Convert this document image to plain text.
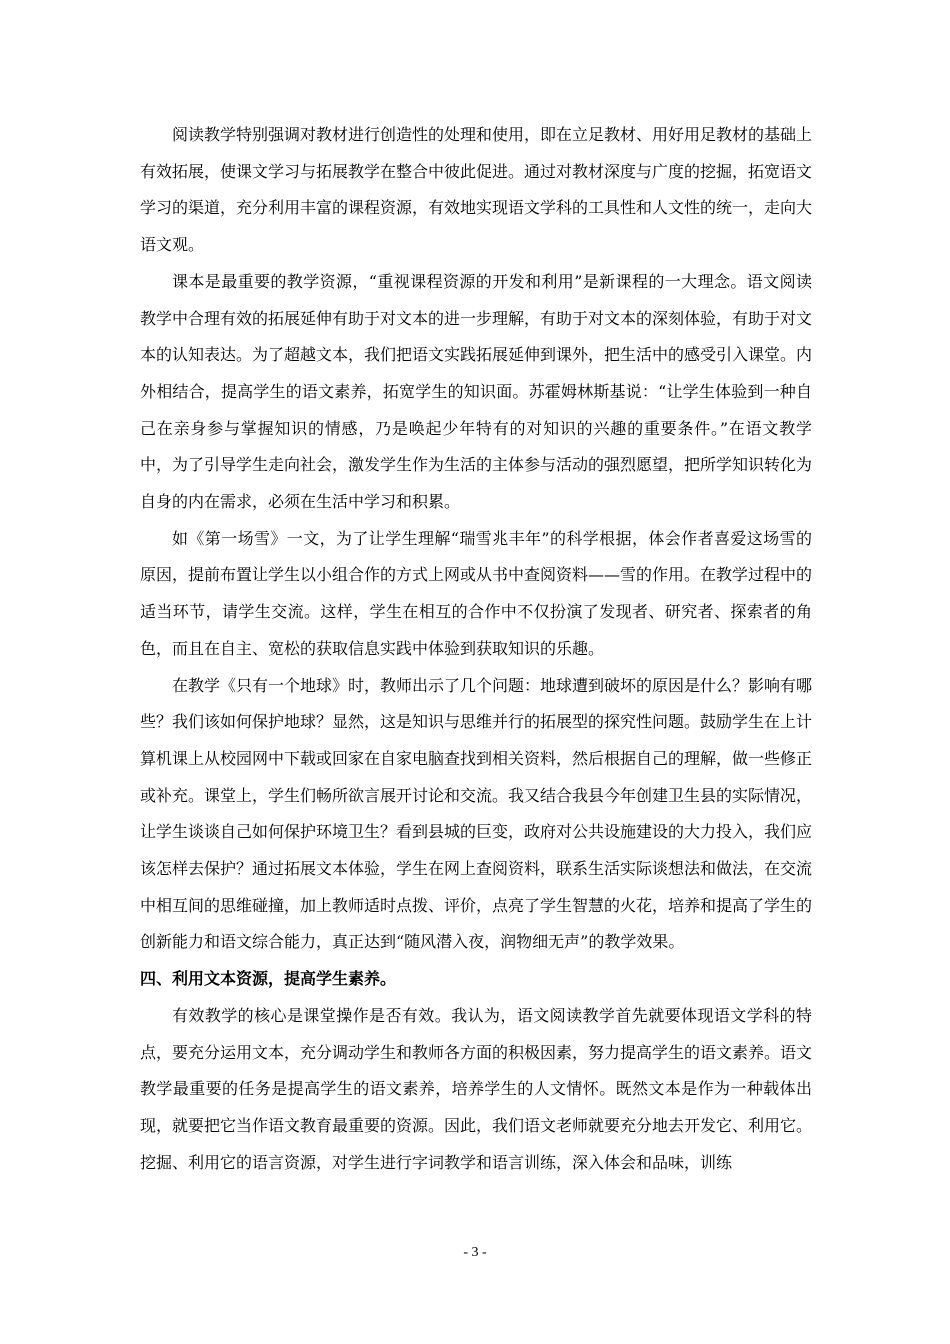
阅读教学特别强调对教材进行创造性的处理和使用，即在立足教材、用好用足教材的基础上有效拓展，使课文学习与拓展教学在整合中彼此促进。通过对教材深度与广度的挖掘，拓宽语文学习的渠道，充分利用丰富的课程资源，有效地实现语文学科的工具性和人文性的统一，走向大语文观。

课本是最重要的教学资源，“重视课程资源的开发和利用”是新课程的一大理念。语文阅读教学中合理有效的拓展延伸有助于对文本的进一步理解，有助于对文本的深刻体验，有助于对文本的认知表达。为了超越文本，我们把语文实践拓展延伸到课外，把生活中的感受引入课堂。内外相结合，提高学生的语文素养，拓宽学生的知识面。苏霍姆林斯基说：“让学生体验到一种自己在亲身参与掌握知识的情感，乃是唤起少年特有的对知识的兴趣的重要条件。”在语文教学中，为了引导学生走向社会，激发学生作为生活的主体参与活动的强烈愿望，把所学知识转化为自身的内在需求，必须在生活中学习和积累。

如《第一场雪》一文，为了让学生理解“瑞雪兆丰年”的科学根据，体会作者喜爱这场雪的原因，提前布置让学生以小组合作的方式上网或从书中查阅资料——雪的作用。在教学过程中的适当环节，请学生交流。这样，学生在相互的合作中不仅扮演了发现者、研究者、探索者的角色，而且在自主、宽松的获取信息实践中体验到获取知识的乐趣。

在教学《只有一个地球》时，教师出示了几个问题：地球遭到破坏的原因是什么？影响有哪些？我们该如何保护地球？显然，这是知识与思维并行的拓展型的探究性问题。鼓励学生在上计算机课上从校园网中下载或回家在自家电脑查找到相关资料，然后根据自己的理解，做一些修正或补充。课堂上，学生们畅所欲言展开讨论和交流。我又结合我县今年创建卫生县的实际情况，让学生谈谈自己如何保护环境卫生？看到县城的巨变，政府对公共设施建设的大力投入，我们应该怎样去保护？通过拓展文本体验，学生在网上查阅资料，联系生活实际谈想法和做法，在交流中相互间的思维碰撞，加上教师适时点拨、评价，点亮了学生智慧的火花，培养和提高了学生的创新能力和语文综合能力，真正达到“随风潜入夜，润物细无声”的教学效果。

四、利用文本资源，提高学生素养。

有效教学的核心是课堂操作是否有效。我认为，语文阅读教学首先就要体现语文学科的特点，要充分运用文本，充分调动学生和教师各方面的积极因素，努力提高学生的语文素养。语文教学最重要的任务是提高学生的语文素养，培养学生的人文情怀。既然文本是作为一种载体出现，就要把它当作语文教育最重要的资源。因此，我们语文老师就要充分地去开发它、利用它。挖掘、利用它的语言资源，对学生进行字词教学和语言训练，深入体会和品味，训练

- 3 -
